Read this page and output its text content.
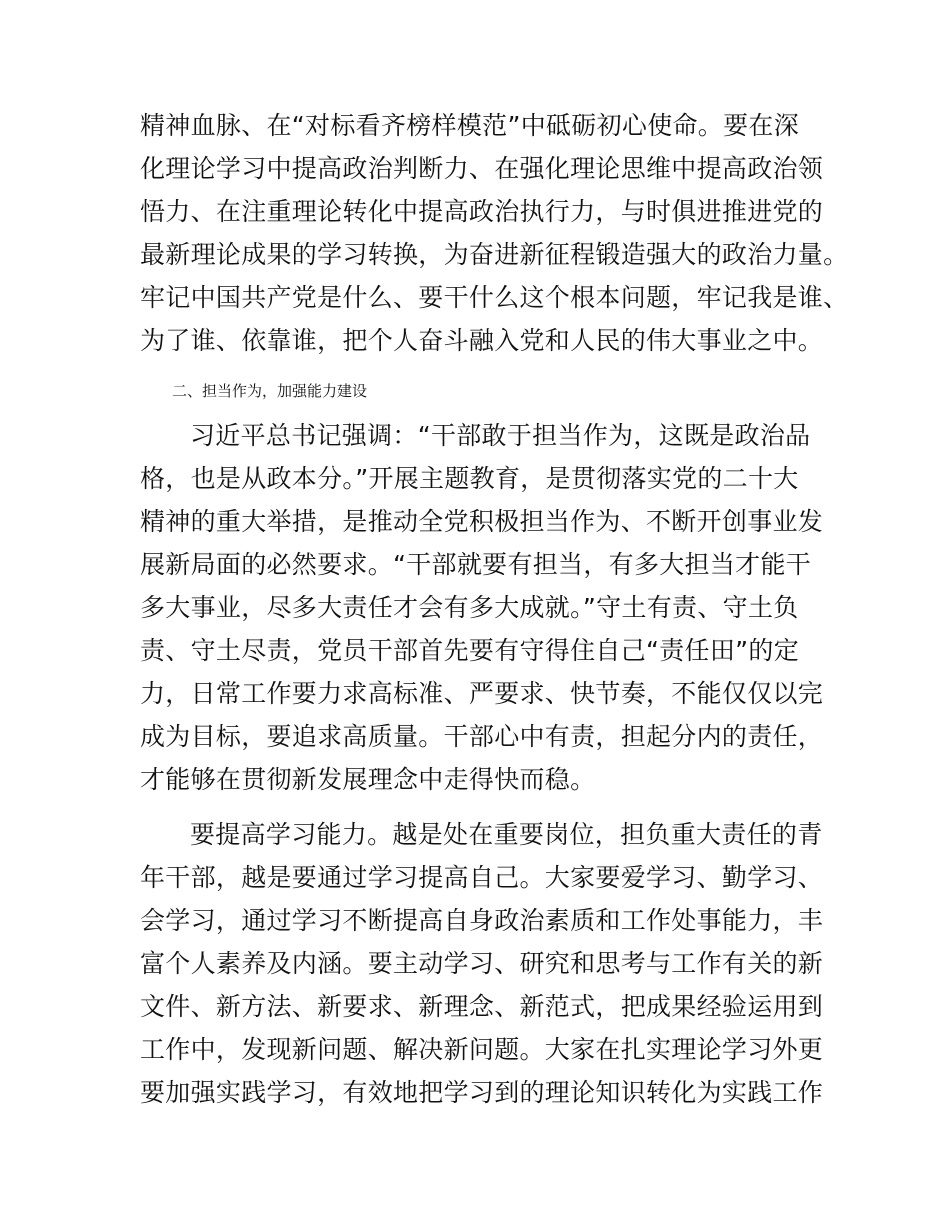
精神血脉、在“对标看齐榜样模范”中砥砺初心使命。要在深
化理论学习中提高政治判断力、在强化理论思维中提高政治领
悟力、在注重理论转化中提高政治执行力，与时俱进推进党的
最新理论成果的学习转换，为奋进新征程锻造强大的政治力量。
牢记中国共产党是什么、要干什么这个根本问题，牢记我是谁、
为了谁、依靠谁，把个人奋斗融入党和人民的伟大事业之中。
二、担当作为，加强能力建设
习近平总书记强调：“干部敢于担当作为，这既是政治品
格，也是从政本分。”开展主题教育，是贯彻落实党的二十大
精神的重大举措，是推动全党积极担当作为、不断开创事业发
展新局面的必然要求。“干部就要有担当，有多大担当才能干
多大事业，尽多大责任才会有多大成就。”守土有责、守土负
责、守土尽责，党员干部首先要有守得住自己“责任田”的定
力，日常工作要力求高标准、严要求、快节奏，不能仅仅以完
成为目标，要追求高质量。干部心中有责，担起分内的责任，
才能够在贯彻新发展理念中走得快而稳。
要提高学习能力。越是处在重要岗位，担负重大责任的青
年干部，越是要通过学习提高自己。大家要爱学习、勤学习、
会学习，通过学习不断提高自身政治素质和工作处事能力，丰
富个人素养及内涵。要主动学习、研究和思考与工作有关的新
文件、新方法、新要求、新理念、新范式，把成果经验运用到
工作中，发现新问题、解决新问题。大家在扎实理论学习外更
要加强实践学习，有效地把学习到的理论知识转化为实践工作
